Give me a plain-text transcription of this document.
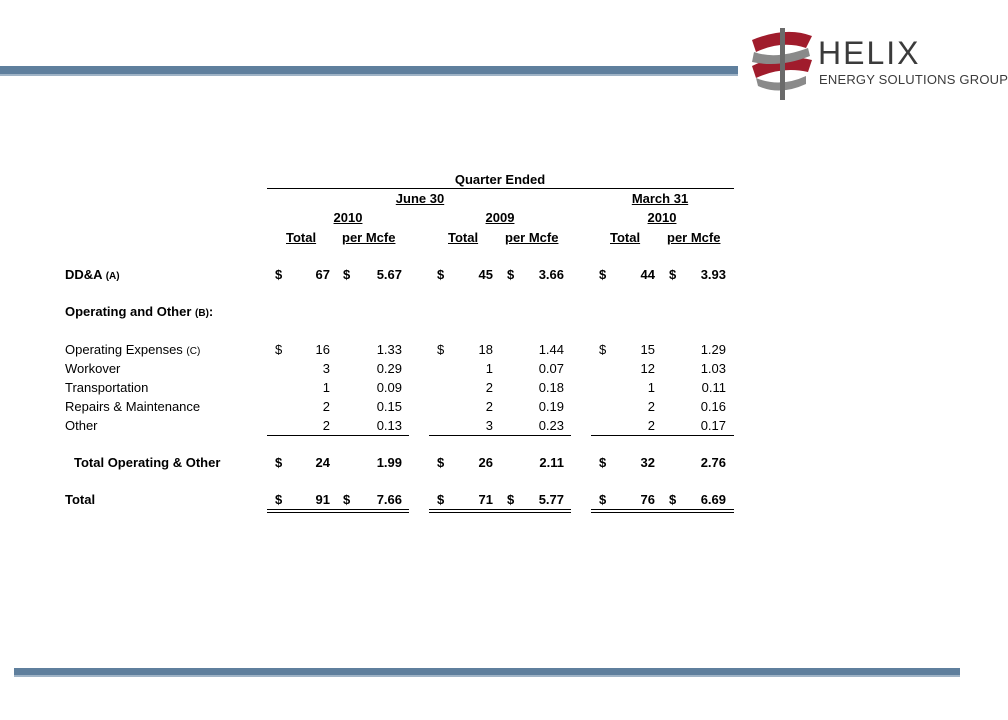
HELIX
ENERGY SOLUTIONS GROUP
Quarter Ended
June 30	March 31
2010	2009	2010
Total per Mcfe	Total per Mcfe	Total per Mcfe
DD&A (A)	$	67 $	5.67	$	45 $	3.66	$	44 $	3.93
Operating and Other (B):
Operating Expenses (C)	$	16	1.33	$	18	1.44	$	15	1.29
Workover	3	0.29	1	0.07	12	1.03
Transportation	1	0.09	2	0.18	1	0.11
Repairs & Maintenance	2	0.15	2	0.19	2	0.16
Other	2	0.13	3	0.23	2	0.17
Total Operating & Other	$	24	1.99	$	26	2.11	$	32	2.76
Total	$	91 $	7.66	$	71 $	5.77	$	76 $	6.69
